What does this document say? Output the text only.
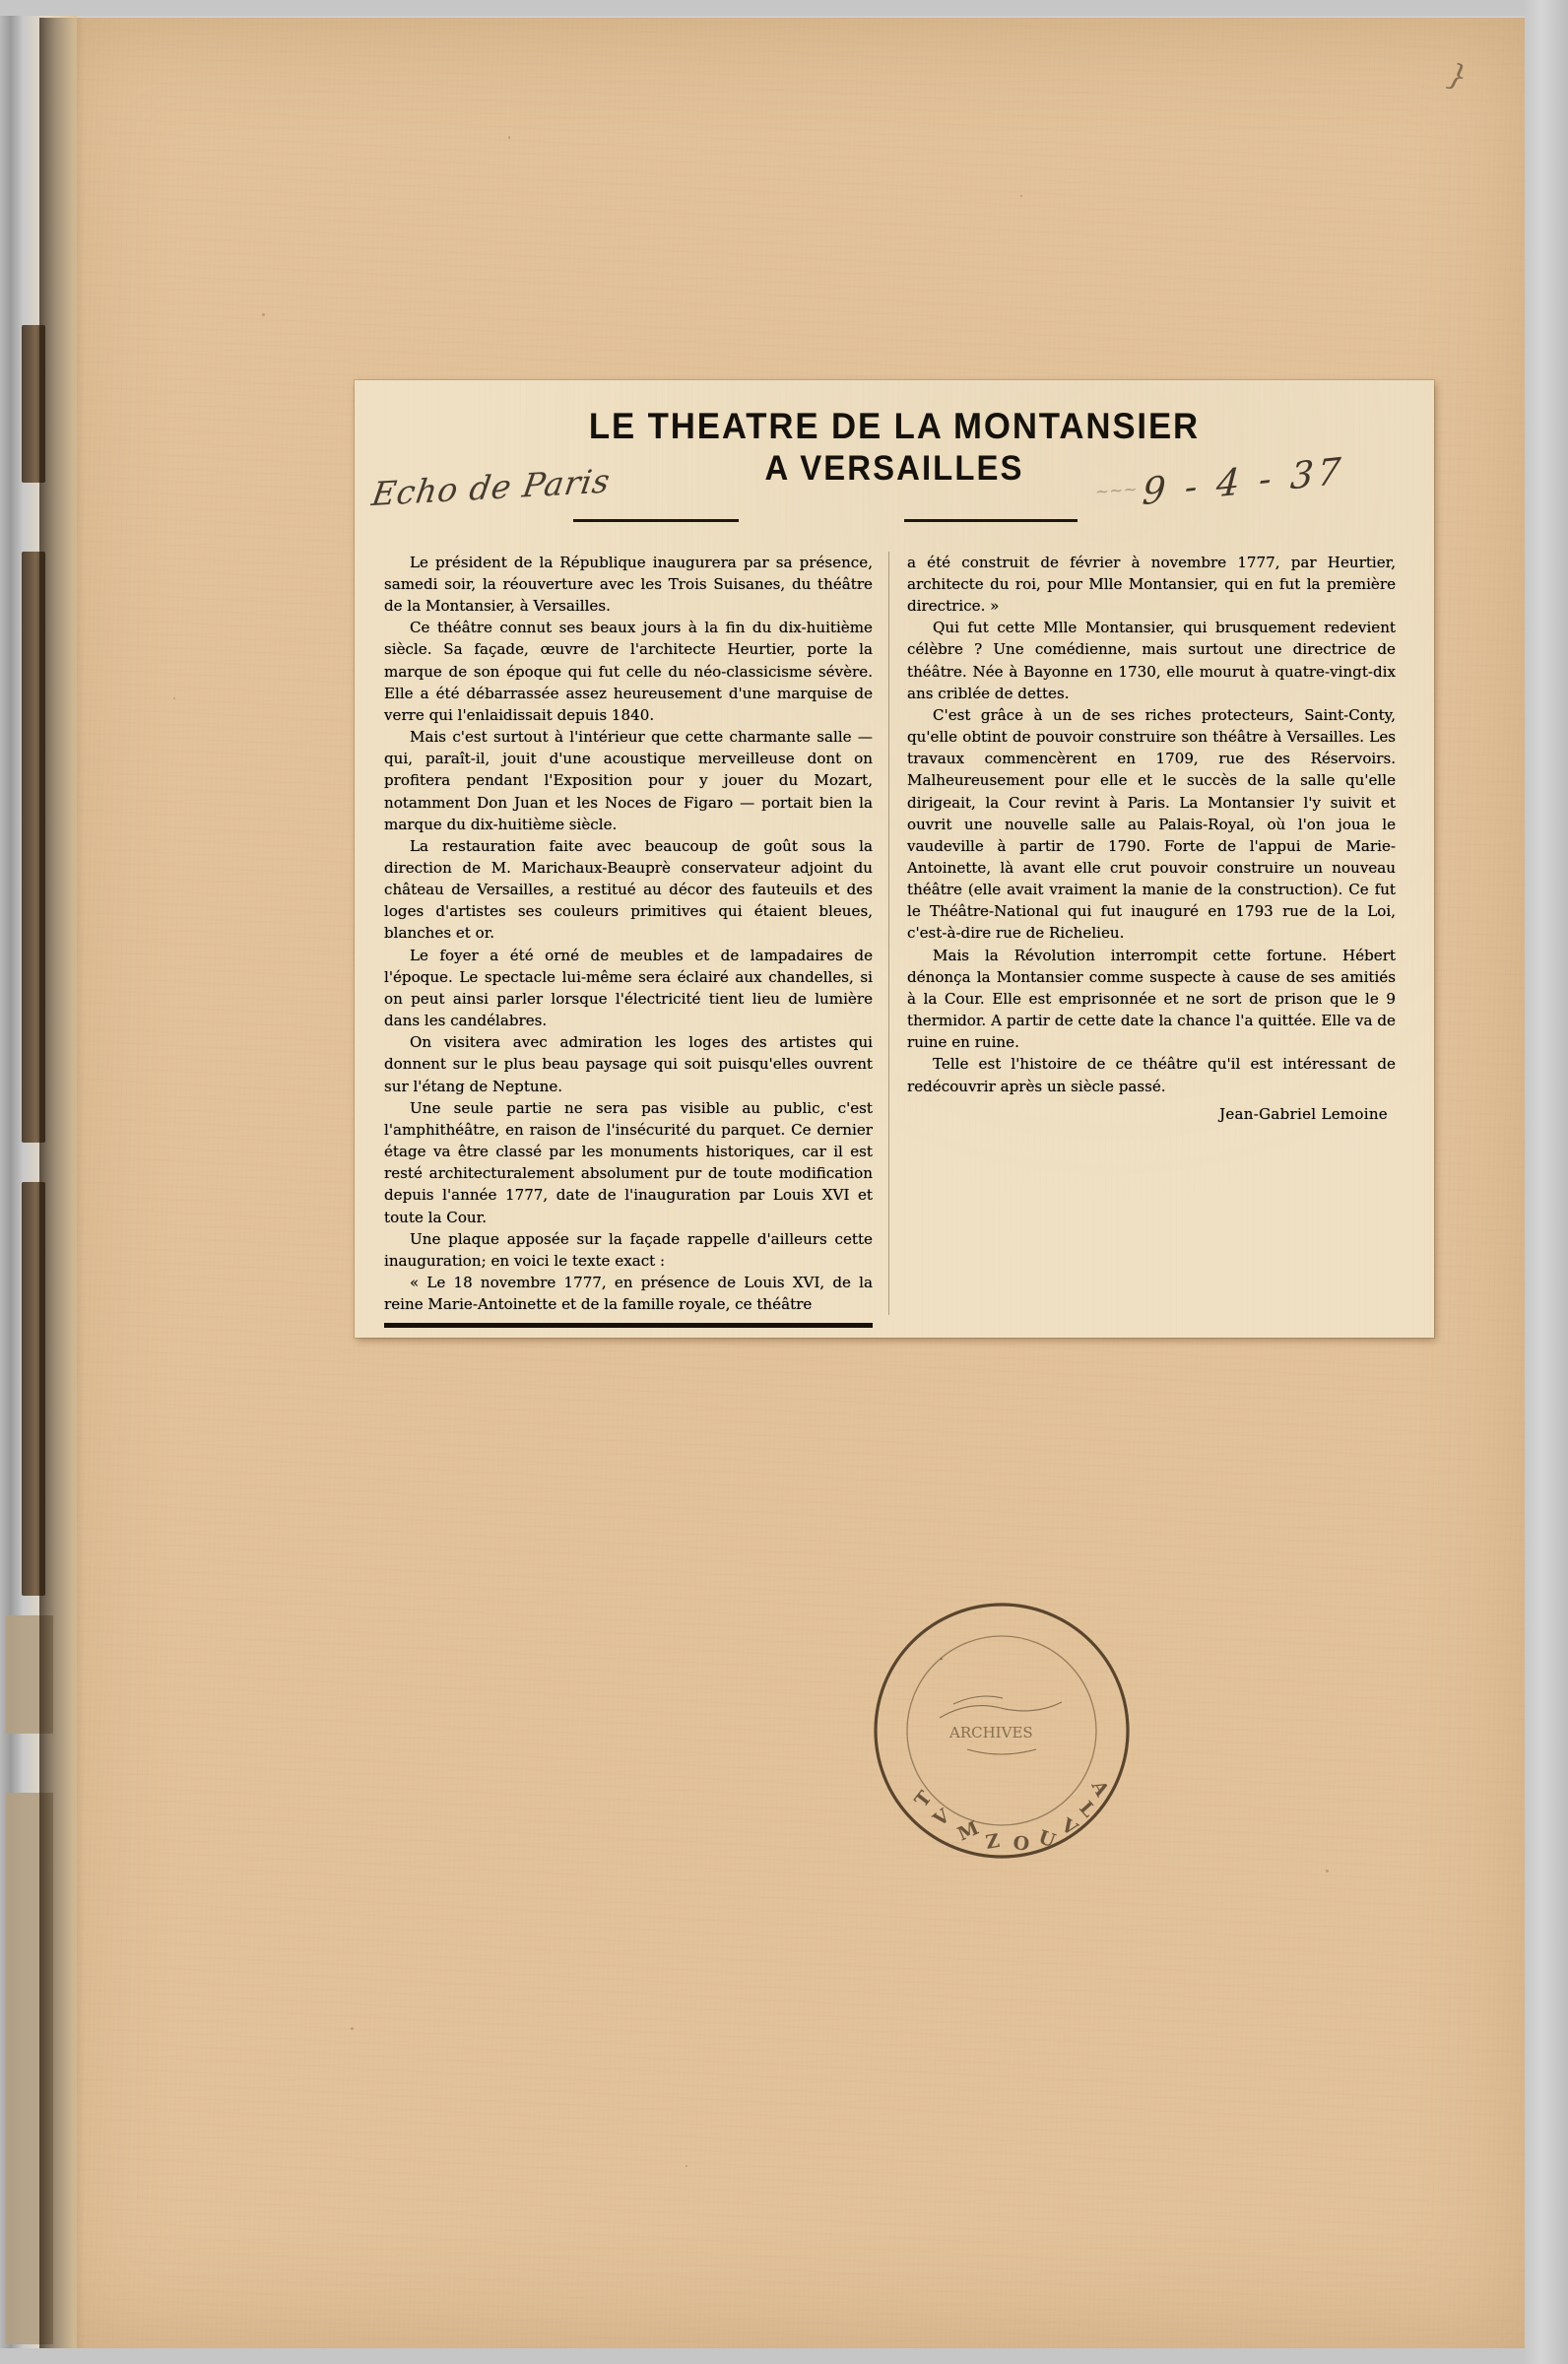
}
LE THEATRE DE LA MONTANSIER
A VERSAILLES
Echo de Paris	~~~ 9 - 4 - 37

Le président de la République inaugurera par sa présence, samedi soir, la réouverture avec les Trois Suisanes, du théâtre de la Montansier, à Versailles.

Ce théâtre connut ses beaux jours à la fin du dix-huitième siècle. Sa façade, œuvre de l'architecte Heurtier, porte la marque de son époque qui fut celle du néo-classicisme sévère. Elle a été débarrassée assez heureusement d'une marquise de verre qui l'enlaidissait depuis 1840.

Mais c'est surtout à l'intérieur que cette charmante salle — qui, paraît-il, jouit d'une acoustique merveilleuse dont on profitera pendant l'Exposition pour y jouer du Mozart, notamment Don Juan et les Noces de Figaro — portait bien la marque du dix-huitième siècle.

La restauration faite avec beaucoup de goût sous la direction de M. Marichaux-Beauprè conservateur adjoint du château de Versailles, a restitué au décor des fauteuils et des loges d'artistes ses couleurs primitives qui étaient bleues, blanches et or.

Le foyer a été orné de meubles et de lampadaires de l'époque. Le spectacle lui-même sera éclairé aux chandelles, si on peut ainsi parler lorsque l'électricité tient lieu de lumière dans les candélabres.

On visitera avec admiration les loges des artistes qui donnent sur le plus beau paysage qui soit puisqu'elles ouvrent sur l'étang de Neptune.

Une seule partie ne sera pas visible au public, c'est l'amphithéâtre, en raison de l'insécurité du parquet. Ce dernier étage va être classé par les monuments historiques, car il est resté architecturalement absolument pur de toute modification depuis l'année 1777, date de l'inauguration par Louis XVI et toute la Cour.

Une plaque apposée sur la façade rappelle d'ailleurs cette inauguration; en voici le texte exact :

« Le 18 novembre 1777, en présence de Louis XVI, de la reine Marie-Antoinette et de la famille royale, ce théâtre

a été construit de février à novembre 1777, par Heurtier, architecte du roi, pour Mlle Montansier, qui en fut la première directrice. »

Qui fut cette Mlle Montansier, qui brusquement redevient célèbre ? Une comédienne, mais surtout une directrice de théâtre. Née à Bayonne en 1730, elle mourut à quatre-vingt-dix ans criblée de dettes.

C'est grâce à un de ses riches protecteurs, Saint-Conty, qu'elle obtint de pouvoir construire son théâtre à Versailles. Les travaux commencèrent en 1709, rue des Réservoirs. Malheureusement pour elle et le succès de la salle qu'elle dirigeait, la Cour revint à Paris. La Montansier l'y suivit et ouvrit une nouvelle salle au Palais-Royal, où l'on joua le vaudeville à partir de 1790. Forte de l'appui de Marie-Antoinette, là avant elle crut pouvoir construire un nouveau théâtre (elle avait vraiment la manie de la construction). Ce fut le Théâtre-National qui fut inauguré en 1793 rue de la Loi, c'est-à-dire rue de Richelieu.

Mais la Révolution interrompit cette fortune. Hébert dénonça la Montansier comme suspecte à cause de ses amitiés à la Cour. Elle est emprisonnée et ne sort de prison que le 9 thermidor. A partir de cette date la chance l'a quittée. Elle va de ruine en ruine.

Telle est l'histoire de ce théâtre qu'il est intéressant de redécouvrir après un siècle passé.

Jean-Gabriel Lemoine
T
V M Z O U
V
L
A
·
ARCHIVES
